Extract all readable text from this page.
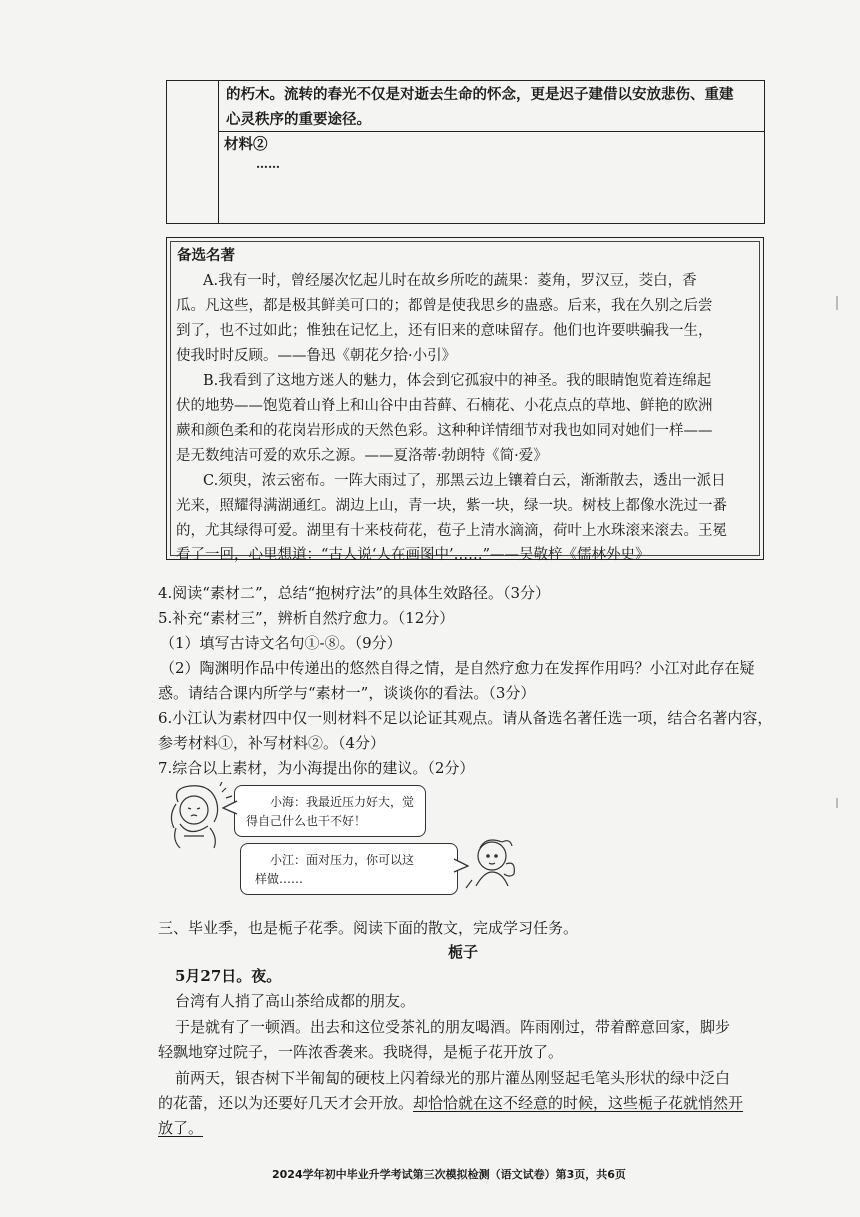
的朽木。流转的春光不仅是对逝去生命的怀念，更是迟子建借以安放悲伤、重建
心灵秩序的重要途径。
材料②
……
备选名著
A.我有一时，曾经屡次忆起儿时在故乡所吃的蔬果：菱角，罗汉豆，茭白，香
瓜。凡这些，都是极其鲜美可口的；都曾是使我思乡的蛊惑。后来，我在久别之后尝
到了，也不过如此；惟独在记忆上，还有旧来的意味留存。他们也许要哄骗我一生，
使我时时反顾。——鲁迅《朝花夕拾·小引》
B.我看到了这地方迷人的魅力，体会到它孤寂中的神圣。我的眼睛饱览着连绵起
伏的地势——饱览着山脊上和山谷中由苔藓、石楠花、小花点点的草地、鲜艳的欧洲
蕨和颜色柔和的花岗岩形成的天然色彩。这种种详情细节对我也如同对她们一样——
是无数纯洁可爱的欢乐之源。——夏洛蒂·勃朗特《简·爱》
C.须臾，浓云密布。一阵大雨过了，那黑云边上镶着白云，渐渐散去，透出一派日
光来，照耀得满湖通红。湖边上山，青一块，紫一块，绿一块。树枝上都像水洗过一番
的，尤其绿得可爱。湖里有十来枝荷花，苞子上清水滴滴，荷叶上水珠滚来滚去。王冕
看了一回，心里想道：“古人说‘人在画图中’……”——吴敬梓《儒林外史》
4.阅读“素材二”，总结“抱树疗法”的具体生效路径。（3分）
5.补充“素材三”，辨析自然疗愈力。（12分）
（1）填写古诗文名句①-⑧。（9分）
（2）陶渊明作品中传递出的悠然自得之情，是自然疗愈力在发挥作用吗？小江对此存在疑
惑。请结合课内所学与“素材一”，谈谈你的看法。（3分）
6.小江认为素材四中仅一则材料不足以论证其观点。请从备选名著任选一项，结合名著内容，
参考材料①，补写材料②。（4分）
7.综合以上素材，为小海提出你的建议。（2分）
小海：我最近压力好大，觉
得自己什么也干不好！
小江：面对压力，你可以这
样做……
三、毕业季，也是栀子花季。阅读下面的散文，完成学习任务。
栀子
5月27日。夜。
台湾有人捎了高山茶给成都的朋友。
于是就有了一顿酒。出去和这位受茶礼的朋友喝酒。阵雨刚过，带着醉意回家，脚步
轻飘地穿过院子，一阵浓香袭来。我晓得，是栀子花开放了。
前两天，银杏树下半匍匐的硬枝上闪着绿光的那片灌丛刚竖起毛笔头形状的绿中泛白
的花蕾，还以为还要好几天才会开放。却恰恰就在这不经意的时候，这些栀子花就悄然开
放了。
2024学年初中毕业升学考试第三次模拟检测（语文试卷）第3页，共6页
